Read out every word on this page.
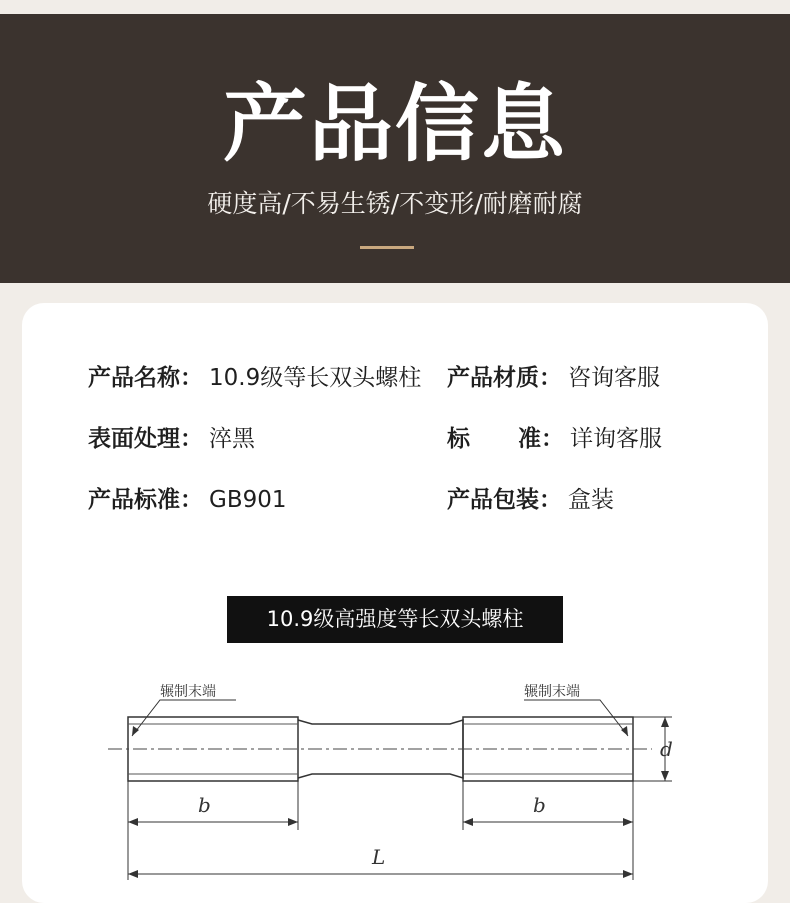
产品信息
硬度高/不易生锈/不变形/耐磨耐腐
产品名称： 10.9级等长双头螺柱 产品材质： 咨询客服
表面处理： 淬黑	标      准： 详询客服
产品标准： GB901	产品包装： 盒装
10.9级高强度等长双头螺柱
辗制末端	辗制末端
d
b	b
L
